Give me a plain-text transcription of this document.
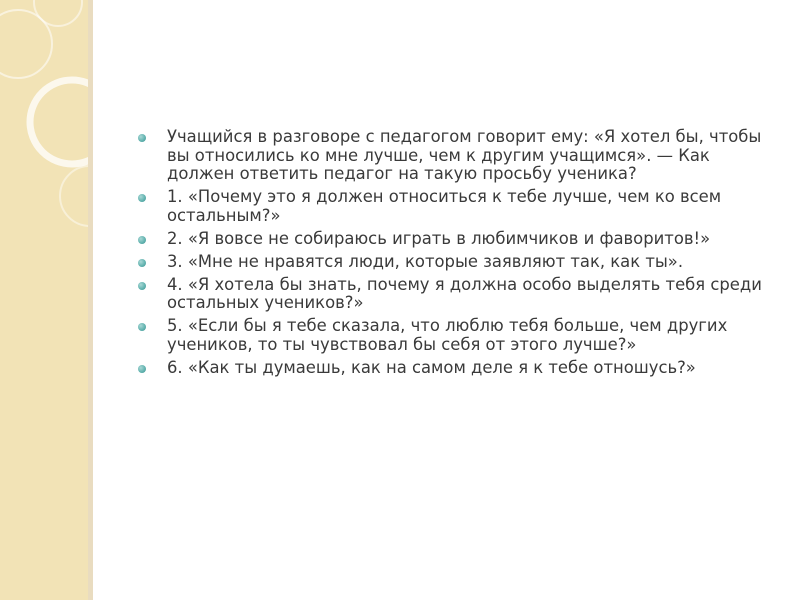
Учащийся в разговоре с педагогом говорит ему: «Я хотел бы, чтобы вы относились ко мне лучше, чем к другим учащимся». — Как должен ответить педагог на такую просьбу ученика?
1. «Почему это я должен относиться к тебе лучше, чем ко всем остальным?»
2. «Я вовсе не собираюсь играть в любимчиков и фаворитов!»
3. «Мне не нравятся люди, которые заявляют так, как ты».
4. «Я хотела бы знать, почему я должна особо выделять тебя среди остальных учеников?»
5. «Если бы я тебе сказала, что люблю тебя больше, чем других учеников, то ты чувствовал бы себя от этого лучше?»
6. «Как ты думаешь, как на самом деле я к тебе отношусь?»
